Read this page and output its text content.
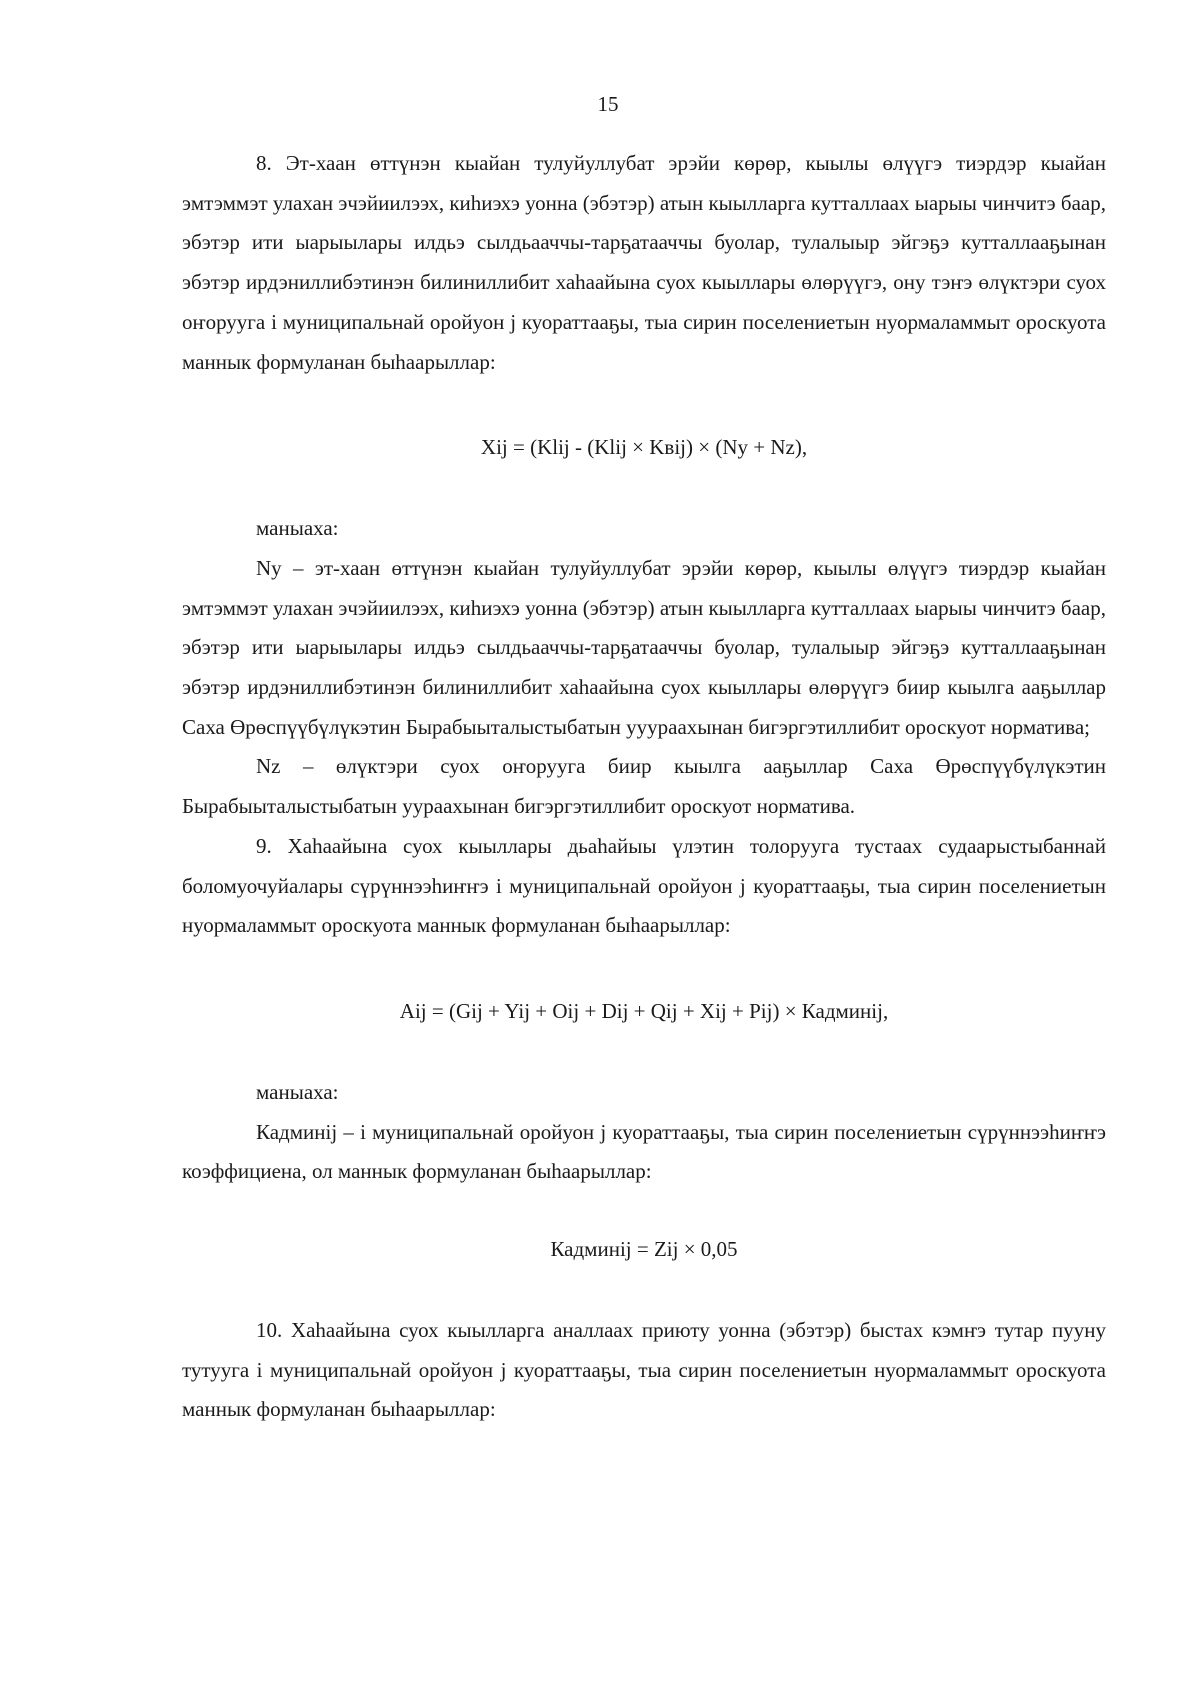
15

8. Эт-хаан өттүнэн кыайан тулуйуллубат эрэйи көрөр, кыылы өлүүгэ тиэрдэр кыайан эмтэммэт улахан эчэйиилээх, киһиэхэ уонна (эбэтэр) атын кыылларга кутталлаах ыарыы чинчитэ баар, эбэтэр ити ыарыылары илдьэ сылдьааччы-тарҕатааччы буолар, тулалыыр эйгэҕэ кутталлааҕынан эбэтэр ирдэниллибэтинэн билиниллибит хаһаайына суох кыыллары өлөрүүгэ, ону тэҥэ өлүктэри суох оҥоруугa i муниципальнай оройуон j куораттааҕы, тыа сирин поселениетын нуормаламмыт ороскуота маннык формуланан быһаарыллар:

Xij = (Klij - (Klij × Kвij) × (Ny + Nz),

маныаха:

Ny – эт-хаан өттүнэн кыайан тулуйуллубат эрэйи көрөр, кыылы өлүүгэ тиэрдэр кыайан эмтэммэт улахан эчэйиилээх, киһиэхэ уонна (эбэтэр) атын кыылларга кутталлаах ыарыы чинчитэ баар, эбэтэр ити ыарыылары илдьэ сылдьааччы-тарҕатааччы буолар, тулалыыр эйгэҕэ кутталлааҕынан эбэтэр ирдэниллибэтинэн билиниллибит хаһаайына суох кыыллары өлөрүүгэ биир кыылга ааҕыллар Саха Өрөспүүбүлүкэтин Бырабыыталыстыбатын ууураахынан бигэргэтиллибит ороскуот норматива;

Nz – өлүктэри суох оҥоруугa биир кыылга ааҕыллар Саха Өрөспүүбүлүкэтин Бырабыыталыстыбатын уураахынан бигэргэтиллибит ороскуот норматива.

9. Хаһаайына суох кыыллары дьаһайыы үлэтин толоруугa тустаах судаарыстыбаннай боломуочуйалары сүрүннээһиҥҥэ i муниципальнай оройуон j куораттааҕы, тыа сирин поселениетын нуормаламмыт ороскуота маннык формуланан быһаарыллар:

Aij = (Gij + Yij + Oij + Dij + Qij + Xij + Pij) × Кадминij,

маныаха:

Кадминij – i муниципальнай оройуон j куораттааҕы, тыа сирин поселениетын сүрүннээһиҥҥэ коэффициена, ол маннык формуланан быһаарыллар:

Кадминij = Zij × 0,05

10. Хаһаайына суох кыылларга аналлаах приюту уонна (эбэтэр) быстах кэмҥэ тутар пууну тутууга i муниципальнай оройуон j куораттааҕы, тыа сирин поселениетын нуормаламмыт ороскуота маннык формуланан быһаарыллар:
